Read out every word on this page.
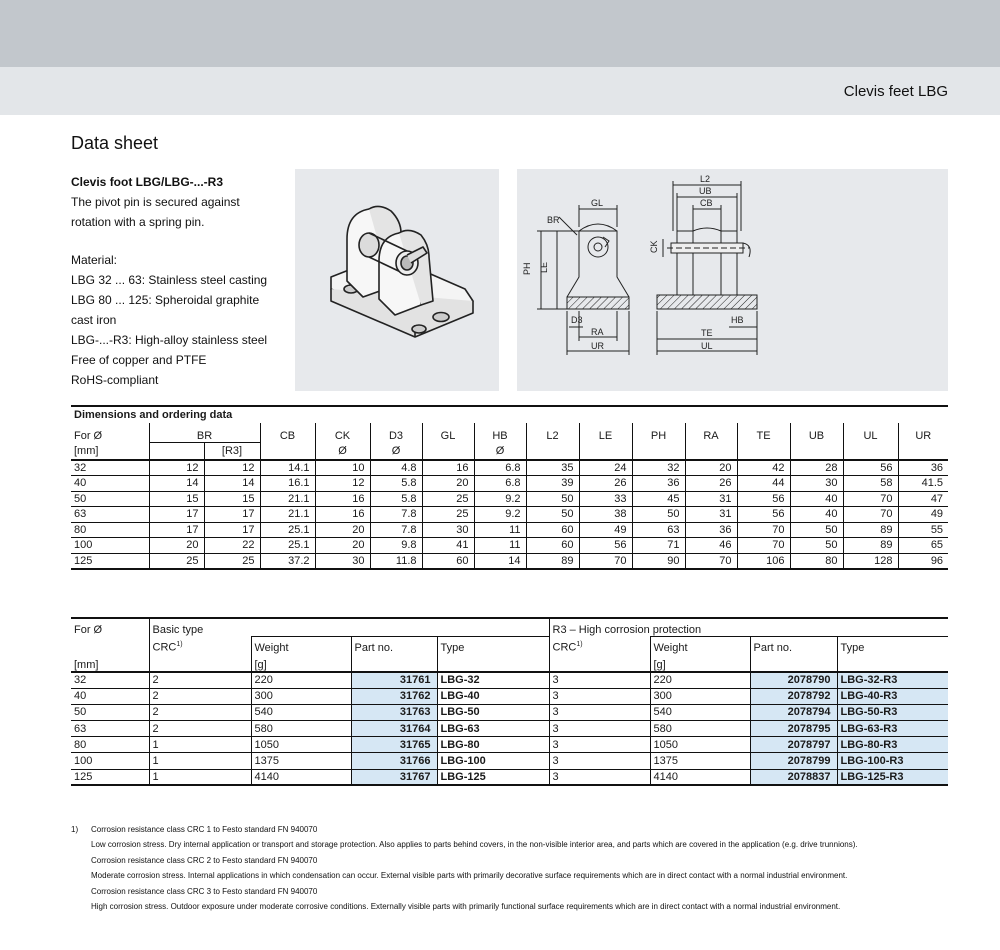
Clevis feet LBG
Data sheet
Clevis foot LBG/LBG-...-R3
The pivot pin is secured against
rotation with a spring pin.
Material:
LBG 32 ... 63: Stainless steel casting
LBG 80 ... 125: Spheroidal graphite
cast iron
LBG-...-R3: High-alloy stainless steel
Free of copper and PTFE
RoHS-compliant
GL
BR
PH LE
D3
RA
UR
L2
UB
CB
CK
HB
TE
UL
Dimensions and ordering data															
For Ø	BR		CB	CK	D3	GL	HB	L2	LE	PH	RA	TE	UB	UL	UR
[mm]		[R3]		Ø	Ø		Ø								
32	12	12	14.1	10	4.8	16	6.8	35	24	32	20	42	28	56	36
40	14	14	16.1	12	5.8	20	6.8	39	26	36	26	44	30	58	41.5
50	15	15	21.1	16	5.8	25	9.2	50	33	45	31	56	40	70	47
63	17	17	21.1	16	7.8	25	9.2	50	38	50	31	56	40	70	49
80	17	17	25.1	20	7.8	30	11	60	49	63	36	70	50	89	55
100	20	22	25.1	20	9.8	41	11	60	56	71	46	70	50	89	65
125	25	25	37.2	30	11.8	60	14	89	70	90	70	106	80	128	96
For Ø	Basic type				R3 – High corrosion protection			
	CRC$^{1)}$	Weight	Part no.	Type	CRC$^{1)}$	Weight	Part no.	Type
[mm]		[g]				[g]		
32	2	220	31761	LBG-32	3	220	2078790	LBG-32-R3
40	2	300	31762	LBG-40	3	300	2078792	LBG-40-R3
50	2	540	31763	LBG-50	3	540	2078794	LBG-50-R3
63	2	580	31764	LBG-63	3	580	2078795	LBG-63-R3
80	1	1050	31765	LBG-80	3	1050	2078797	LBG-80-R3
100	1	1375	31766	LBG-100	3	1375	2078799	LBG-100-R3
125	1	4140	31767	LBG-125	3	4140	2078837	LBG-125-R3
1)	Corrosion resistance class CRC 1 to Festo standard FN 940070
Low corrosion stress. Dry internal application or transport and storage protection. Also applies to parts behind covers, in the non-visible interior area, and parts which are covered in the application (e.g. drive trunnions).
Corrosion resistance class CRC 2 to Festo standard FN 940070
Moderate corrosion stress. Internal applications in which condensation can occur. External visible parts with primarily decorative surface requirements which are in direct contact with a normal industrial environment.
Corrosion resistance class CRC 3 to Festo standard FN 940070
High corrosion stress. Outdoor exposure under moderate corrosive conditions. Externally visible parts with primarily functional surface requirements which are in direct contact with a normal industrial environment.
